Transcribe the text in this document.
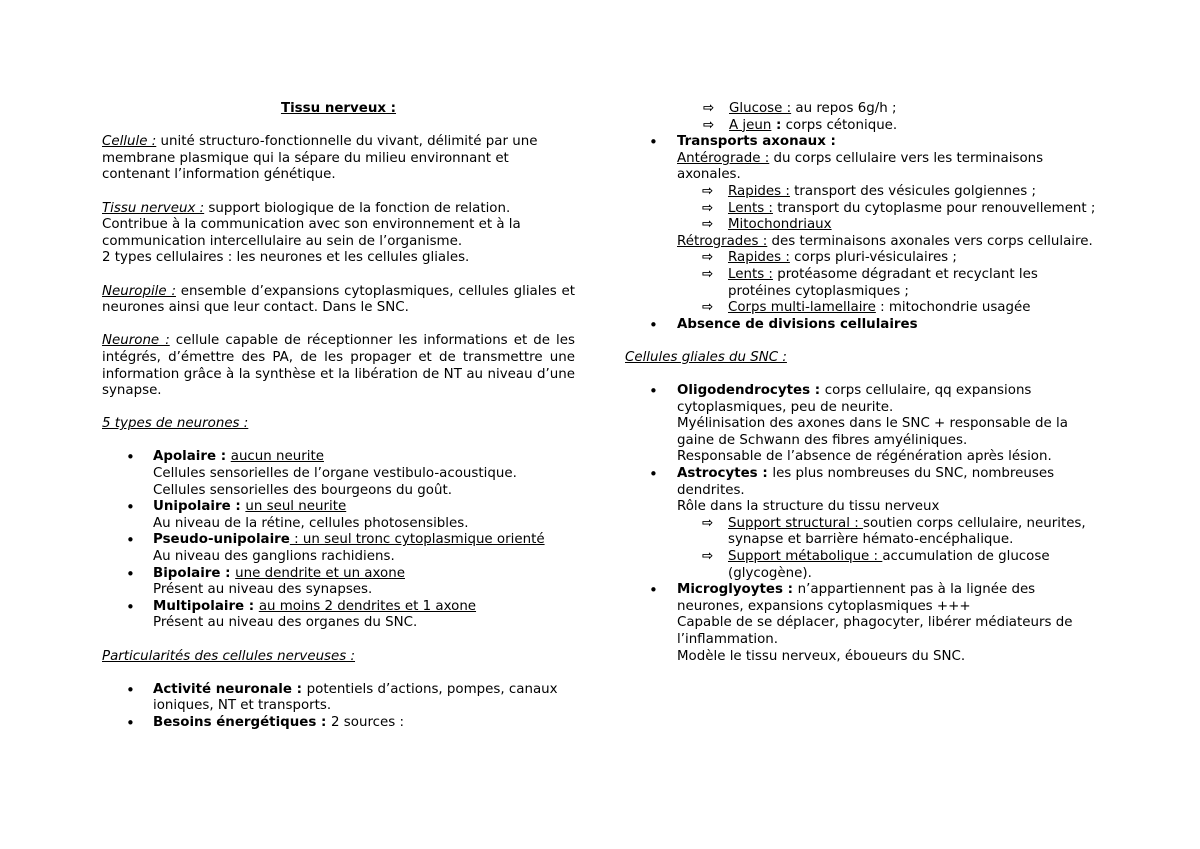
Tissu nerveux :

Cellule : unité structuro-fonctionnelle du vivant, délimité par une membrane plasmique qui la sépare du milieu environnant et contenant l’information génétique.

Tissu nerveux : support biologique de la fonction de relation.

Contribue à la communication avec son environnement et à la communication intercellulaire au sein de l’organisme.

2 types cellulaires : les neurones et les cellules gliales.

Neuropile : ensemble d’expansions cytoplasmiques, cellules gliales et neurones ainsi que leur contact. Dans le SNC.

Neurone : cellule capable de réceptionner les informations et de les intégrés, d’émettre des PA, de les propager et de transmettre une information grâce à la synthèse et la libération de NT au niveau d’une synapse.

5 types de neurones :

• Apolaire : aucun neurite
Cellules sensorielles de l’organe vestibulo-acoustique.
Cellules sensorielles des bourgeons du goût.
• Unipolaire : un seul neurite
Au niveau de la rétine, cellules photosensibles.
• Pseudo-unipolaire : un seul tronc cytoplasmique orienté
Au niveau des ganglions rachidiens.
• Bipolaire : une dendrite et un axone
Présent au niveau des synapses.
• Multipolaire : au moins 2 dendrites et 1 axone
Présent au niveau des organes du SNC.

Particularités des cellules nerveuses :

• Activité neuronale : potentiels d’actions, pompes, canaux ioniques, NT et transports.
• Besoins énergétiques : 2 sources :
⇨ Glucose : au repos 6g/h ;
⇨ A jeun : corps cétonique.
• Transports axonaux :
Antérograde : du corps cellulaire vers les terminaisons axonales.
⇨ Rapides : transport des vésicules golgiennes ;
⇨ Lents : transport du cytoplasme pour renouvellement ;
⇨ Mitochondriaux
Rétrogrades : des terminaisons axonales vers corps cellulaire.
⇨ Rapides : corps pluri-vésiculaires ;
⇨ Lents : protéasome dégradant et recyclant les protéines cytoplasmiques ;
⇨ Corps multi-lamellaire : mitochondrie usagée
• Absence de divisions cellulaires

Cellules gliales du SNC :

• Oligodendrocytes : corps cellulaire, qq expansions cytoplasmiques, peu de neurite.
Myélinisation des axones dans le SNC + responsable de la gaine de Schwann des fibres amyéliniques.
Responsable de l’absence de régénération après lésion.
• Astrocytes : les plus nombreuses du SNC, nombreuses dendrites.
Rôle dans la structure du tissu nerveux
⇨ Support structural : soutien corps cellulaire, neurites, synapse et barrière hémato-encéphalique.
⇨ Support métabolique : accumulation de glucose (glycogène).
• Microglyoytes : n’appartiennent pas à la lignée des neurones, expansions cytoplasmiques +++
Capable de se déplacer, phagocyter, libérer médiateurs de l’inflammation.
Modèle le tissu nerveux, éboueurs du SNC.
